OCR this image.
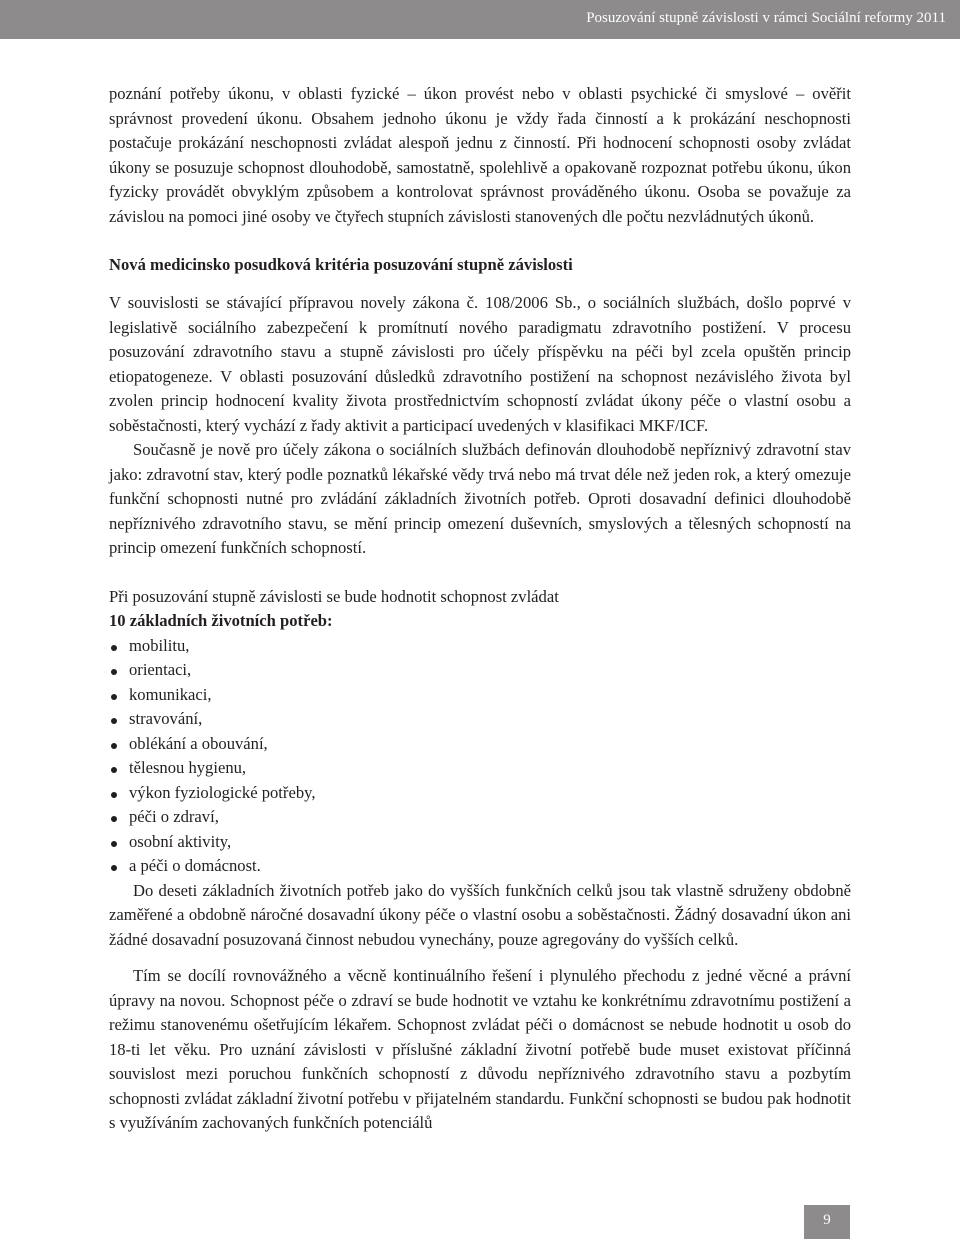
Posuzování stupně závislosti v rámci Sociální reformy 2011

poznání potřeby úkonu, v oblasti fyzické – úkon provést nebo v oblasti psychické či smyslové – ověřit správnost provedení úkonu. Obsahem jednoho úkonu je vždy řada činností a k prokázání neschopnosti postačuje prokázání neschopnosti zvládat alespoň jednu z činností. Při hodnocení schopnosti osoby zvládat úkony se posuzuje schopnost dlouhodobě, samostatně, spolehlivě a opakovaně rozpoznat potřebu úkonu, úkon fyzicky provádět obvyklým způsobem a kontrolovat správnost prováděného úkonu. Osoba se považuje za závislou na pomoci jiné osoby ve čtyřech stupních závislosti stanovených dle počtu nezvládnutých úkonů.

Nová medicinsko posudková kritéria posuzování stupně závislosti

V souvislosti se stávající přípravou novely zákona č. 108/2006 Sb., o sociálních službách, došlo poprvé v legislativě sociálního zabezpečení k promítnutí nového paradigmatu zdravotního postižení. V procesu posuzování zdravotního stavu a stupně závislosti pro účely příspěvku na péči byl zcela opuštěn princip etiopatogeneze. V oblasti posuzování důsledků zdravotního postižení na schopnost nezávislého života byl zvolen princip hodnocení kvality života prostřednictvím schopností zvládat úkony péče o vlastní osobu a soběstačnosti, který vychází z řady aktivit a participací uvedených v klasifikaci MKF/ICF.

Současně je nově pro účely zákona o sociálních službách definován dlouhodobě nepříznivý zdravotní stav jako: zdravotní stav, který podle poznatků lékařské vědy trvá nebo má trvat déle než jeden rok, a který omezuje funkční schopnosti nutné pro zvládání základních životních potřeb. Oproti dosavadní definici dlouhodobě nepříznivého zdravotního stavu, se mění princip omezení duševních, smyslových a tělesných schopností na princip omezení funkčních schopností.

Při posuzování stupně závislosti se bude hodnotit schopnost zvládat

10 základních životních potřeb:

mobilitu,
orientaci,
komunikaci,
stravování,
oblékání a obouvání,
tělesnou hygienu,
výkon fyziologické potřeby,
péči o zdraví,
osobní aktivity,
a péči o domácnost.

Do deseti základních životních potřeb jako do vyšších funkčních celků jsou tak vlastně sdruženy obdobně zaměřené a obdobně náročné dosavadní úkony péče o vlastní osobu a soběstačnosti. Žádný dosavadní úkon ani žádné dosavadní posuzovaná činnost nebudou vynechány, pouze agregovány do vyšších celků.

Tím se docílí rovnovážného a věcně kontinuálního řešení i plynulého přechodu z jedné věcné a právní úpravy na novou. Schopnost péče o zdraví se bude hodnotit ve vztahu ke konkrétnímu zdravotnímu postižení a režimu stanovenému ošetřujícím lékařem. Schopnost zvládat péči o domácnost se nebude hodnotit u osob do 18-ti let věku. Pro uznání závislosti v příslušné základní životní potřebě bude muset existovat příčinná souvislost mezi poruchou funkčních schopností z důvodu nepříznivého zdravotního stavu a pozbytím schopnosti zvládat základní životní potřebu v přijatelném standardu. Funkční schopnosti se budou pak hodnotit s využíváním zachovaných funkčních potenciálů

9
